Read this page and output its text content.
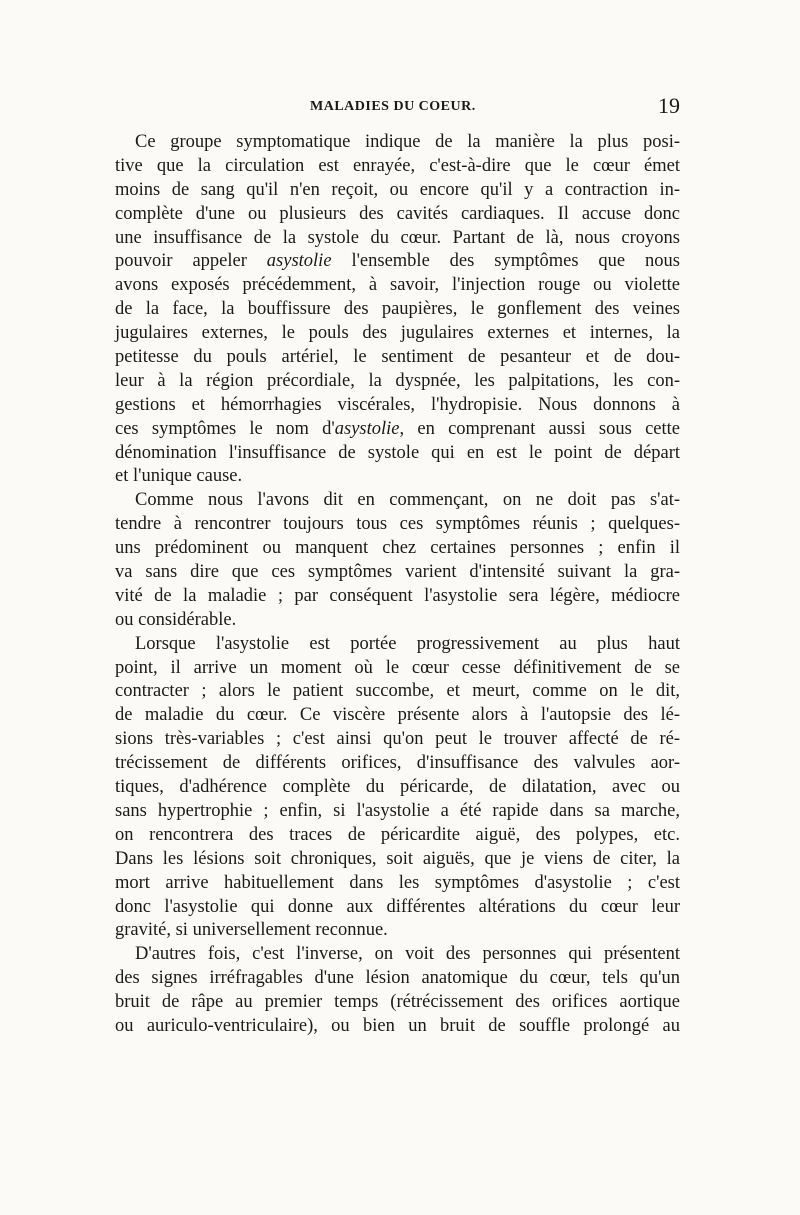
MALADIES DU COEUR.	19
Ce groupe symptomatique indique de la manière la plus posi-
tive que la circulation est enrayée, c'est-à-dire que le cœur émet
moins de sang qu'il n'en reçoit, ou encore qu'il y a contraction in-
complète d'une ou plusieurs des cavités cardiaques. Il accuse donc
une insuffisance de la systole du cœur. Partant de là, nous croyons
pouvoir appeler asystolie l'ensemble des symptômes que nous
avons exposés précédemment, à savoir, l'injection rouge ou violette
de la face, la bouffissure des paupières, le gonflement des veines
jugulaires externes, le pouls des jugulaires externes et internes, la
petitesse du pouls artériel, le sentiment de pesanteur et de dou-
leur à la région précordiale, la dyspnée, les palpitations, les con-
gestions et hémorrhagies viscérales, l'hydropisie. Nous donnons à
ces symptômes le nom d'asystolie, en comprenant aussi sous cette
dénomination l'insuffisance de systole qui en est le point de départ
et l'unique cause.
Comme nous l'avons dit en commençant, on ne doit pas s'at-
tendre à rencontrer toujours tous ces symptômes réunis ; quelques-
uns prédominent ou manquent chez certaines personnes ; enfin il
va sans dire que ces symptômes varient d'intensité suivant la gra-
vité de la maladie ; par conséquent l'asystolie sera légère, médiocre
ou considérable.
Lorsque l'asystolie est portée progressivement au plus haut
point, il arrive un moment où le cœur cesse définitivement de se
contracter ; alors le patient succombe, et meurt, comme on le dit,
de maladie du cœur. Ce viscère présente alors à l'autopsie des lé-
sions très-variables ; c'est ainsi qu'on peut le trouver affecté de ré-
trécissement de différents orifices, d'insuffisance des valvules aor-
tiques, d'adhérence complète du péricarde, de dilatation, avec ou
sans hypertrophie ; enfin, si l'asystolie a été rapide dans sa marche,
on rencontrera des traces de péricardite aiguë, des polypes, etc.
Dans les lésions soit chroniques, soit aiguës, que je viens de citer, la
mort arrive habituellement dans les symptômes d'asystolie ; c'est
donc l'asystolie qui donne aux différentes altérations du cœur leur
gravité, si universellement reconnue.
D'autres fois, c'est l'inverse, on voit des personnes qui présentent
des signes irréfragables d'une lésion anatomique du cœur, tels qu'un
bruit de râpe au premier temps (rétrécissement des orifices aortique
ou auriculo-ventriculaire), ou bien un bruit de souffle prolongé au
